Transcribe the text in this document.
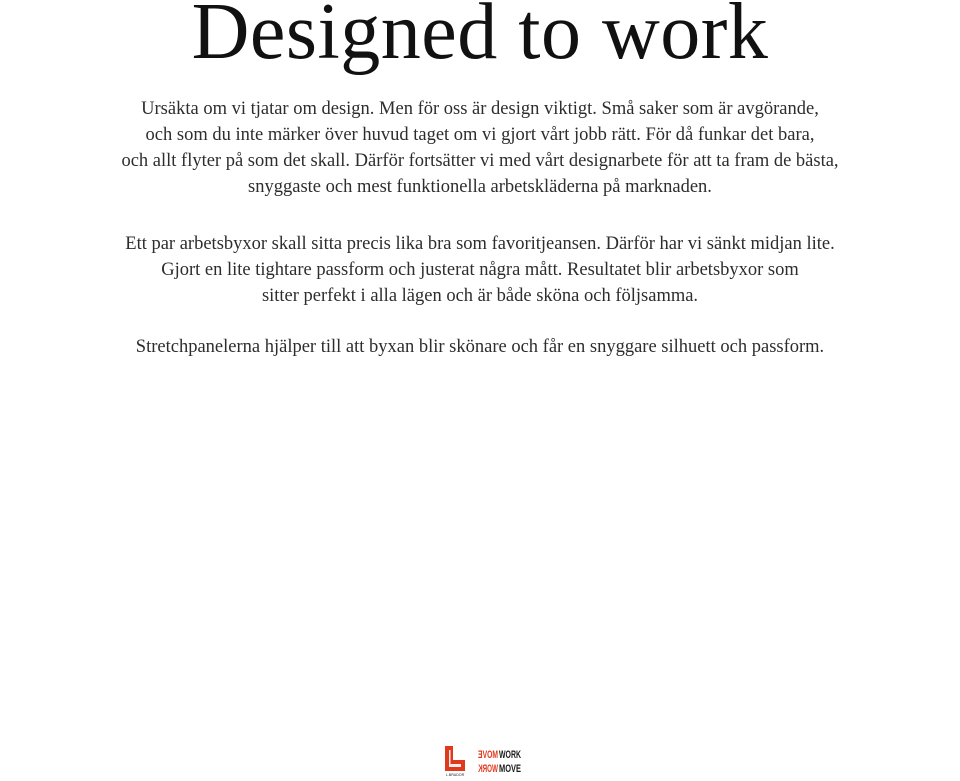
Designed to work

Ursäkta om vi tjatar om design. Men för oss är design viktigt. Små saker som är avgörande,
och som du inte märker över huvud taget om vi gjort vårt jobb rätt. För då funkar det bara,
och allt flyter på som det skall. Därför fortsätter vi med vårt designarbete för att ta fram de bästa,
snyggaste och mest funktionella arbetskläderna på marknaden.

Ett par arbetsbyxor skall sitta precis lika bra som favoritjeansen. Därför har vi sänkt midjan lite.
Gjort en lite tightare passform och justerat några mått. Resultatet blir arbetsbyxor som
sitter perfekt i alla lägen och är både sköna och följsamma.

Stretchpanelerna hjälper till att byxan blir skönare och får en snyggare silhuett och passform.

L.BRADOR
MOVE WORK
WORK MOVE
